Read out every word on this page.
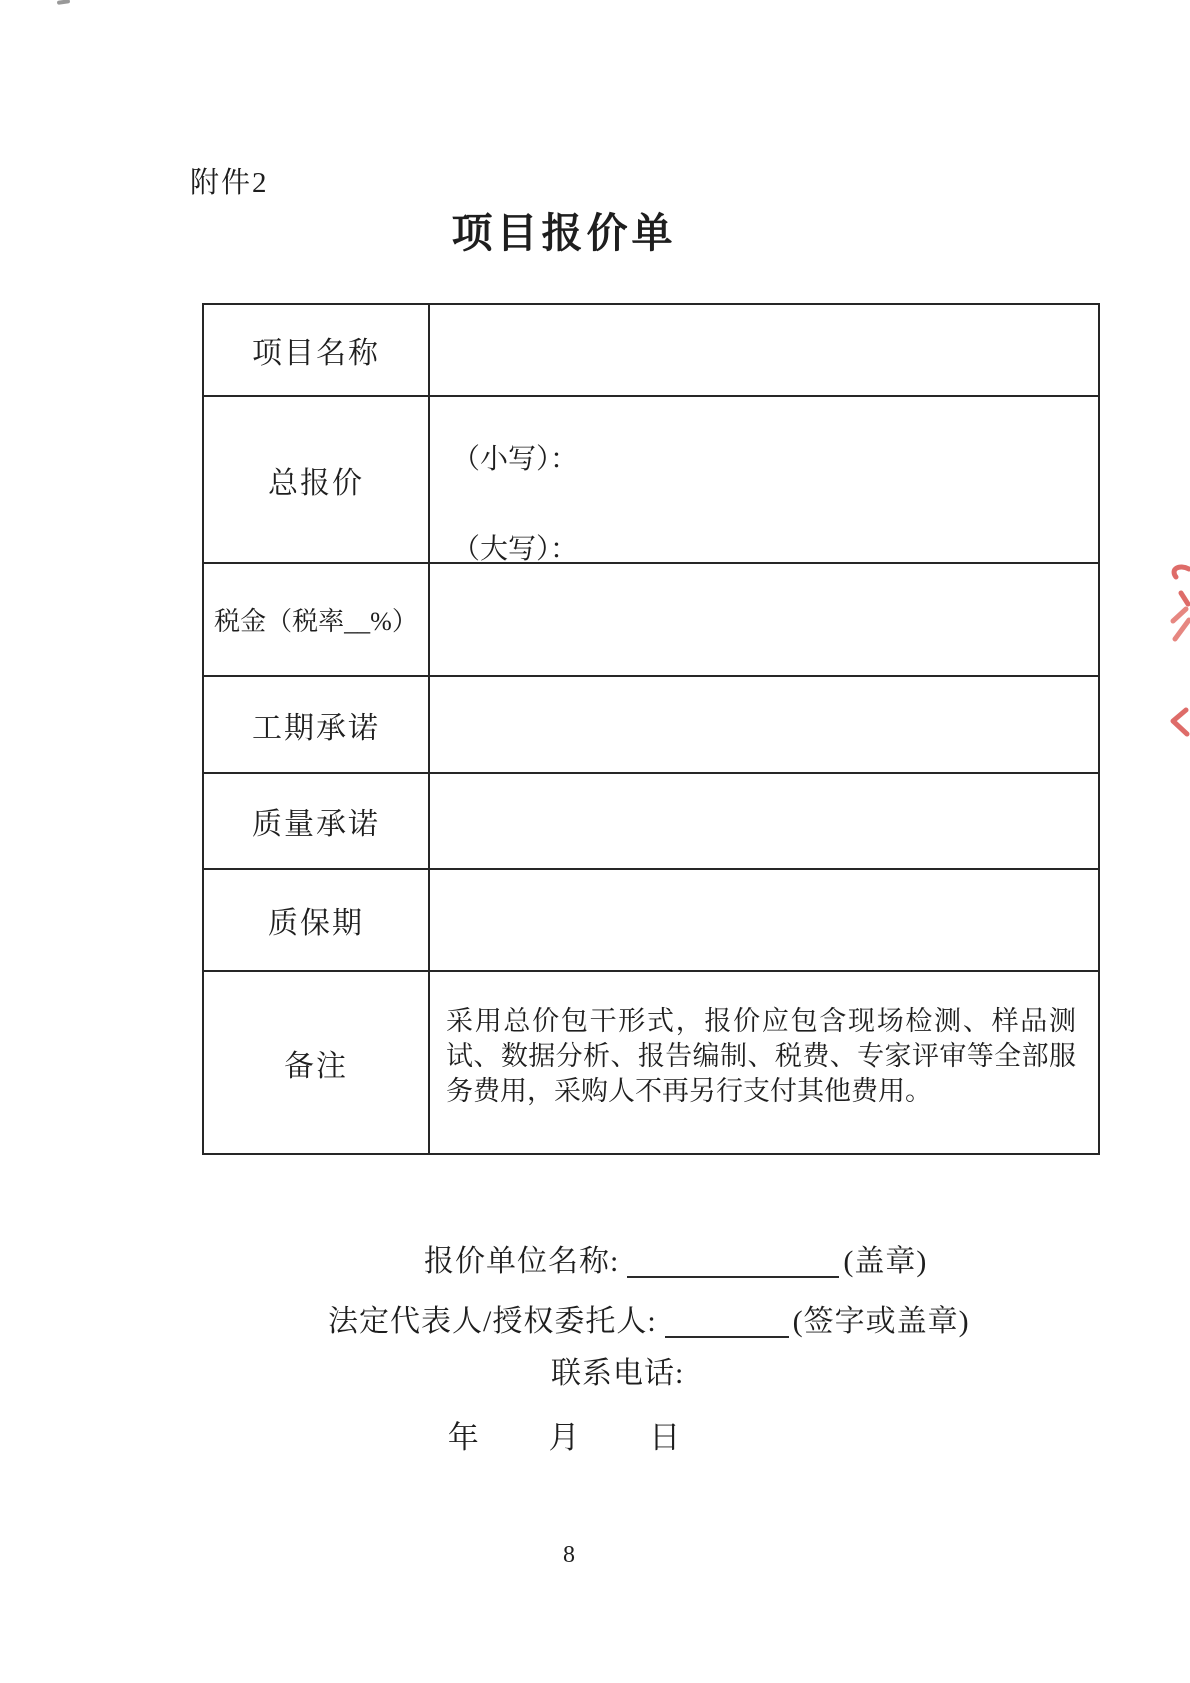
附件2
项目报价单
项目名称
总报价
（小写）：
（大写）：
税金（税率__%）
工期承诺
质量承诺
质保期
备注
采用总价包干形式，报价应包含现场检测、样品测试、数据分析、报告编制、税费、专家评审等全部服务费用，采购人不再另行支付其他费用。
报价单位名称:	(盖章)
法定代表人/授权委托人:	(签字或盖章)
联系电话:
年 月 日
8
